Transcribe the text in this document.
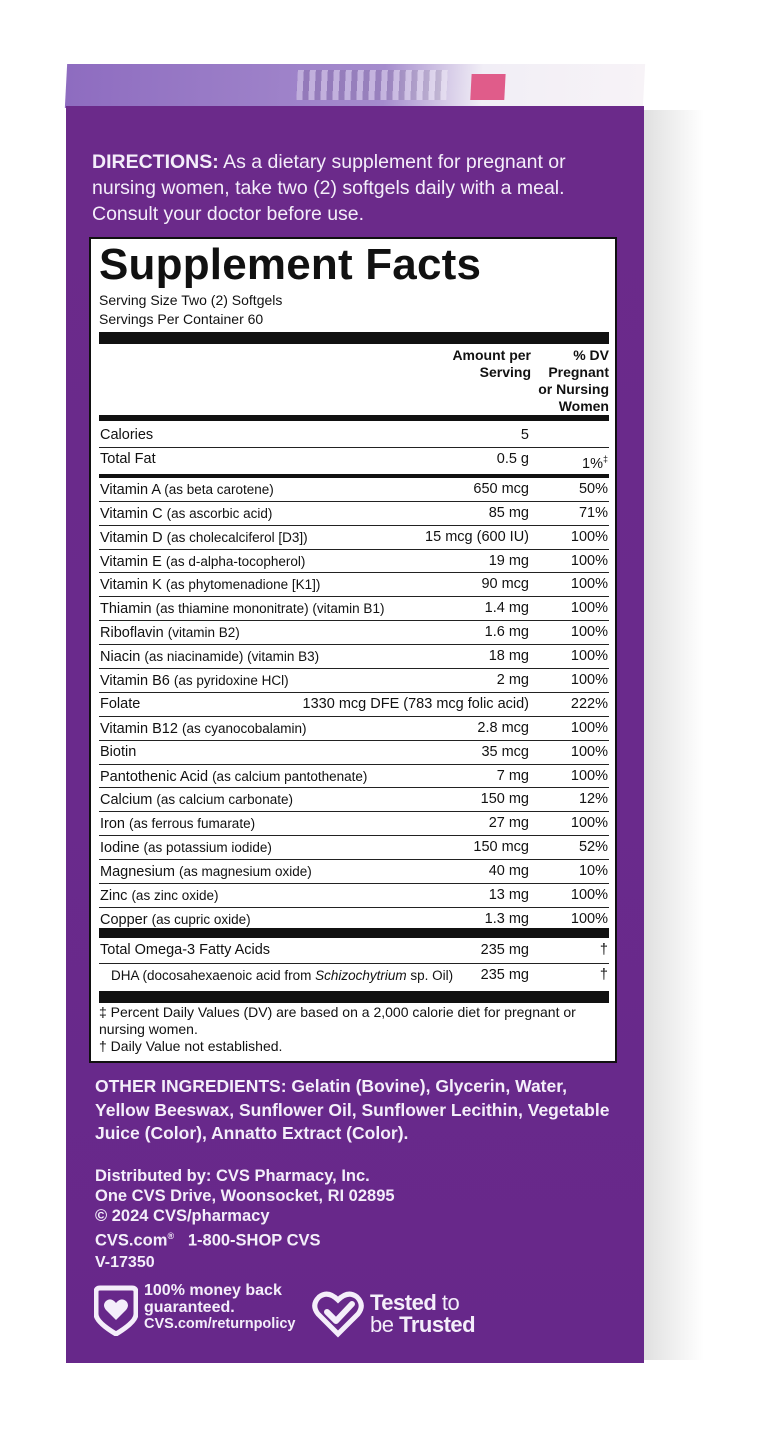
DIRECTIONS: As a dietary supplement for pregnant or nursing women, take two (2) softgels daily with a meal. Consult your doctor before use.
Supplement Facts
Serving Size Two (2) Softgels
Servings Per Container 60
Amount per Serving
% DV Pregnant or Nursing Women
Calories	5
Total Fat	0.5 g	1%‡
Vitamin A (as beta carotene)	650 mcg	50%
Vitamin C (as ascorbic acid)	85 mg	71%
Vitamin D (as cholecalciferol [D3])	15 mcg (600 IU)	100%
Vitamin E (as d-alpha-tocopherol)	19 mg	100%
Vitamin K (as phytomenadione [K1])	90 mcg	100%
Thiamin (as thiamine mononitrate) (vitamin B1)	1.4 mg	100%
Riboflavin (vitamin B2)	1.6 mg	100%
Niacin (as niacinamide) (vitamin B3)	18 mg	100%
Vitamin B6 (as pyridoxine HCl)	2 mg	100%
Folate	1330 mcg DFE (783 mcg folic acid)	222%
Vitamin B12 (as cyanocobalamin)	2.8 mcg	100%
Biotin	35 mcg	100%
Pantothenic Acid (as calcium pantothenate)	7 mg	100%
Calcium (as calcium carbonate)	150 mg	12%
Iron (as ferrous fumarate)	27 mg	100%
Iodine (as potassium iodide)	150 mcg	52%
Magnesium (as magnesium oxide)	40 mg	10%
Zinc (as zinc oxide)	13 mg	100%
Copper (as cupric oxide)	1.3 mg	100%
Total Omega-3 Fatty Acids	235 mg	†
DHA (docosahexaenoic acid from Schizochytrium sp. Oil) 235 mg	†
‡ Percent Daily Values (DV) are based on a 2,000 calorie diet for pregnant or nursing women.
† Daily Value not established.
OTHER INGREDIENTS: Gelatin (Bovine), Glycerin, Water, Yellow Beeswax, Sunflower Oil, Sunflower Lecithin, Vegetable Juice (Color), Annatto Extract (Color).
Distributed by: CVS Pharmacy, Inc.
One CVS Drive, Woonsocket, RI 02895
© 2024 CVS/pharmacy
CVS.com® 1-800-SHOP CVS
V-17350
100% money back
guaranteed.
CVS.com/returnpolicy
Tested to
be Trusted
